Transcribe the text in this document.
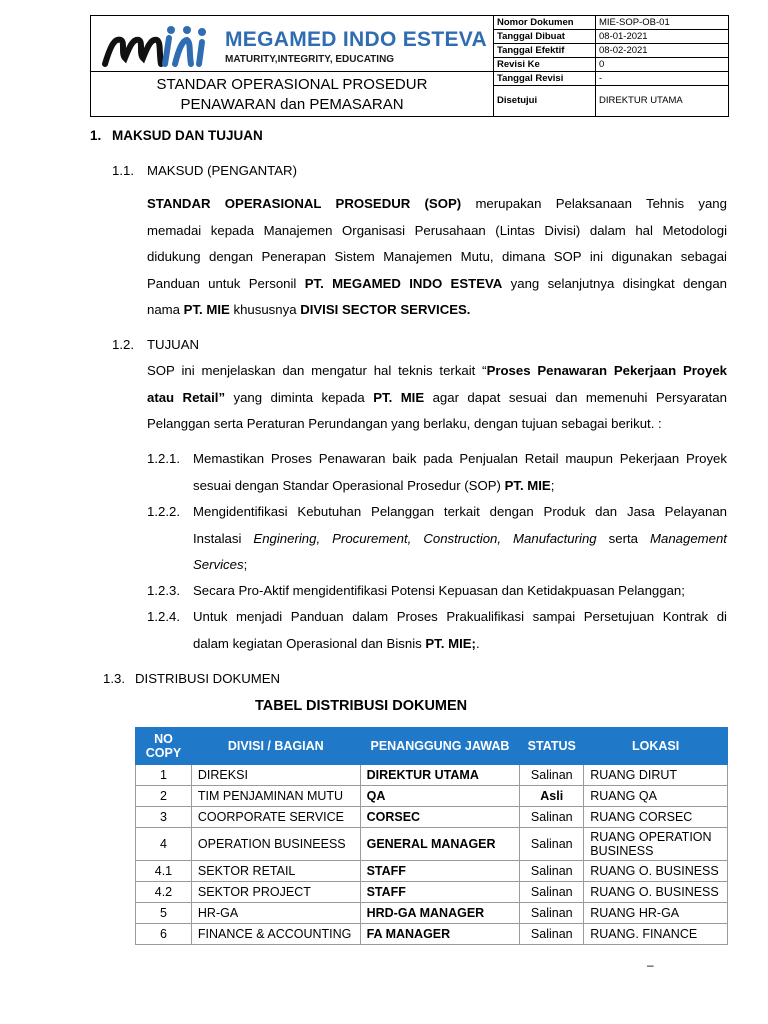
MEGAMED INDO ESTEVA
MATURITY,INTEGRITY, EDUCATING
STANDAR OPERASIONAL PROSEDUR
PENAWARAN dan PEMASARAN
Nomor Dokumen	MIE-SOP-OB-01
Tanggal Dibuat	08-01-2021
Tanggal Efektif	08-02-2021
Revisi Ke	0
Tanggal Revisi	-
Disetujui	DIREKTUR UTAMA
1. MAKSUD DAN TUJUAN
1.1. MAKSUD (PENGANTAR)
STANDAR OPERASIONAL PROSEDUR (SOP) merupakan Pelaksanaan Tehnis yang
memadai kepada Manajemen Organisasi Perusahaan (Lintas Divisi) dalam hal Metodologi
didukung dengan Penerapan Sistem Manajemen Mutu, dimana SOP ini digunakan sebagai
Panduan untuk Personil PT. MEGAMED INDO ESTEVA yang selanjutnya disingkat dengan
nama PT. MIE khususnya DIVISI SECTOR SERVICES.
1.2. TUJUAN
SOP ini menjelaskan dan mengatur hal teknis terkait “Proses Penawaran Pekerjaan Proyek
atau Retail” yang diminta kepada PT. MIE agar dapat sesuai dan memenuhi Persyaratan
Pelanggan serta Peraturan Perundangan yang berlaku, dengan tujuan sebagai berikut. :
1.2.1. Memastikan Proses Penawaran baik pada Penjualan Retail maupun Pekerjaan Proyek
sesuai dengan Standar Operasional Prosedur (SOP) PT. MIE;
1.2.2. Mengidentifikasi Kebutuhan Pelanggan terkait dengan Produk dan Jasa Pelayanan
Instalasi Enginering, Procurement, Construction, Manufacturing serta Management
Services;
1.2.3. Secara Pro-Aktif mengidentifikasi Potensi Kepuasan dan Ketidakpuasan Pelanggan;
1.2.4. Untuk menjadi Panduan dalam Proses Prakualifikasi sampai Persetujuan Kontrak di
dalam kegiatan Operasional dan Bisnis PT. MIE;.
1.3. DISTRIBUSI DOKUMEN
TABEL DISTRIBUSI DOKUMEN
NO COPY	DIVISI / BAGIAN	PENANGGUNG JAWAB	STATUS	LOKASI
1	DIREKSI	DIREKTUR UTAMA	Salinan	RUANG DIRUT
2	TIM PENJAMINAN MUTU	QA	Asli	RUANG QA
3	COORPORATE SERVICE	CORSEC	Salinan	RUANG CORSEC
4	OPERATION BUSINEESS	GENERAL MANAGER	Salinan	RUANG OPERATION BUSINESS
4.1	SEKTOR RETAIL	STAFF	Salinan	RUANG O. BUSINESS
4.2	SEKTOR PROJECT	STAFF	Salinan	RUANG O. BUSINESS
5	HR-GA	HRD-GA MANAGER	Salinan	RUANG HR-GA
6	FINANCE & ACCOUNTING	FA MANAGER	Salinan	RUANG. FINANCE
–
